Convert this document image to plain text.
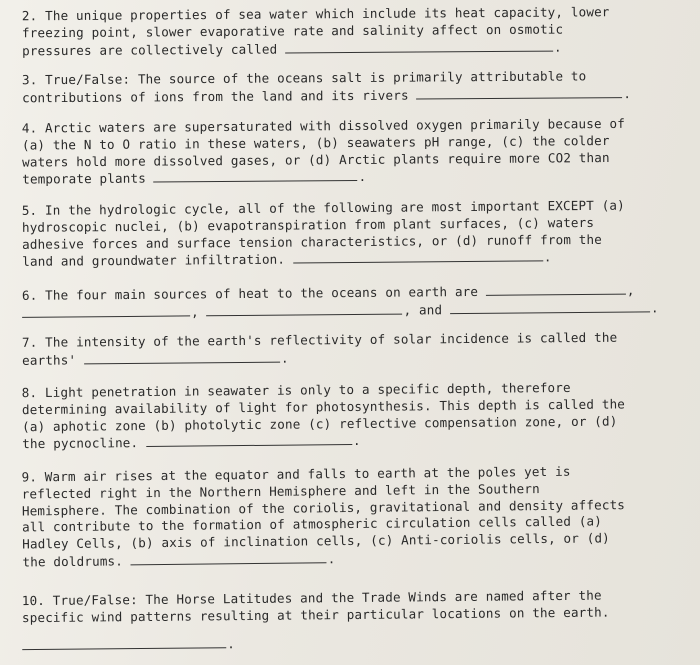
2. The unique properties of sea water which include its heat capacity, lower
freezing point, slower evaporative rate and salinity affect on osmotic
pressures are collectively called	.
3. True/False: The source of the oceans salt is primarily attributable to
contributions of ions from the land and its rivers	.
4. Arctic waters are supersaturated with dissolved oxygen primarily because of
(a) the N to O ratio in these waters, (b) seawaters pH range, (c) the colder
waters hold more dissolved gases, or (d) Arctic plants require more CO2 than
temporate plants	.
5. In the hydrologic cycle, all of the following are most important EXCEPT (a)
hydroscopic nuclei, (b) evapotranspiration from plant surfaces, (c) waters
adhesive forces and surface tension characteristics, or (d) runoff from the
land and groundwater infiltration.	.
6. The four main sources of heat to the oceans on earth are	,
,	, and	.
7. The intensity of the earth's reflectivity of solar incidence is called the
earths'	.
8. Light penetration in seawater is only to a specific depth, therefore
determining availability of light for photosynthesis. This depth is called the
(a) aphotic zone (b) photolytic zone (c) reflective compensation zone, or (d)
the pycnocline.	.
9. Warm air rises at the equator and falls to earth at the poles yet is
reflected right in the Northern Hemisphere and left in the Southern
Hemisphere. The combination of the coriolis, gravitational and density affects
all contribute to the formation of atmospheric circulation cells called (a)
Hadley Cells, (b) axis of inclination cells, (c) Anti-coriolis cells, or (d)
the doldrums.	.
10. True/False: The Horse Latitudes and the Trade Winds are named after the
specific wind patterns resulting at their particular locations on the earth.
.
